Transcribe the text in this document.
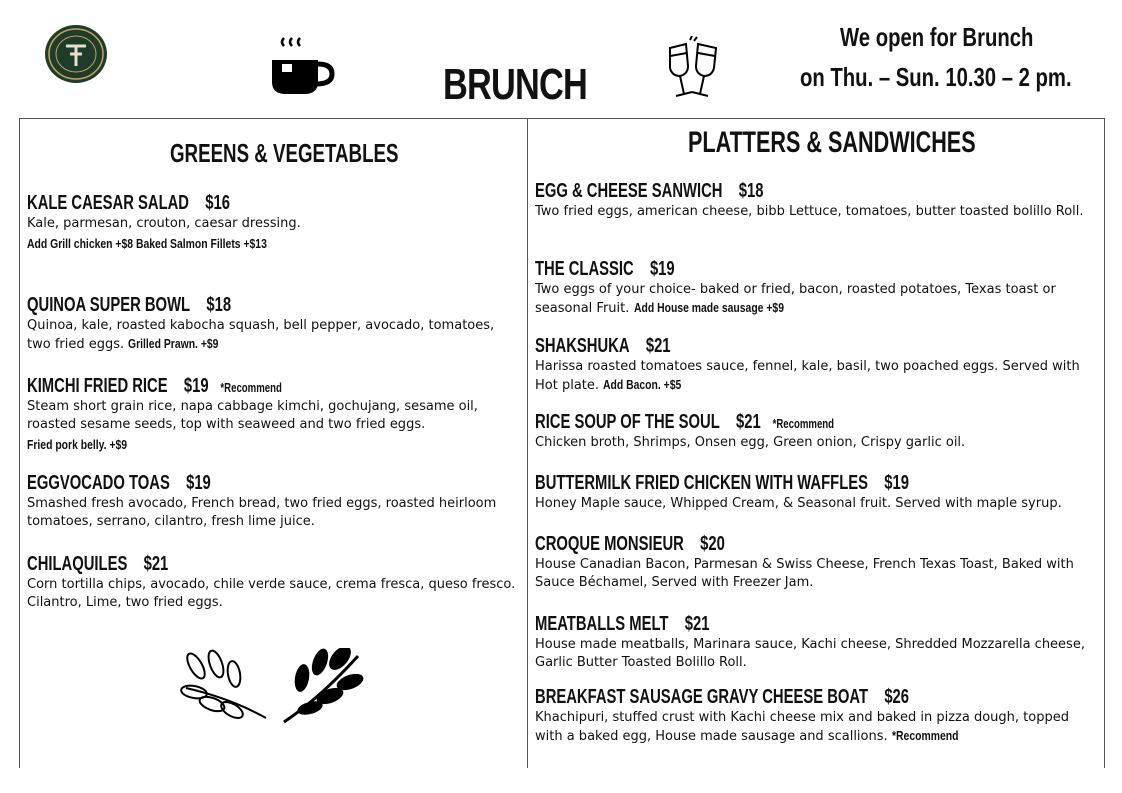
BRUNCH
We open for Brunch
on Thu. – Sun. 10.30 – 2 pm.
GREENS & VEGETABLES
KALE CAESAR SALAD $16
Kale, parmesan, crouton, caesar dressing.
Add Grill chicken +$8 Baked Salmon Fillets +$13
QUINOA SUPER BOWL $18
Quinoa, kale, roasted kabocha squash, bell pepper, avocado, tomatoes, two fried eggs. Grilled Prawn. +$9
KIMCHI FRIED RICE $19 *Recommend
Steam short grain rice, napa cabbage kimchi, gochujang, sesame oil, roasted sesame seeds, top with seaweed and two fried eggs.
Fried pork belly. +$9
EGGVOCADO TOAS $19
Smashed fresh avocado, French bread, two fried eggs, roasted heirloom tomatoes, serrano, cilantro, fresh lime juice.
CHILAQUILES $21
Corn tortilla chips, avocado, chile verde sauce, crema fresca, queso fresco. Cilantro, Lime, two fried eggs.
PLATTERS & SANDWICHES
EGG & CHEESE SANWICH $18
Two fried eggs, american cheese, bibb Lettuce, tomatoes, butter toasted bolillo Roll.
THE CLASSIC $19
Two eggs of your choice- baked or fried, bacon, roasted potatoes, Texas toast or seasonal Fruit. Add House made sausage +$9
SHAKSHUKA $21
Harissa roasted tomatoes sauce, fennel, kale, basil, two poached eggs. Served with Hot plate. Add Bacon. +$5
RICE SOUP OF THE SOUL $21 *Recommend
Chicken broth, Shrimps, Onsen egg, Green onion, Crispy garlic oil.
BUTTERMILK FRIED CHICKEN WITH WAFFLES $19
Honey Maple sauce, Whipped Cream, & Seasonal fruit. Served with maple syrup.
CROQUE MONSIEUR $20
House Canadian Bacon, Parmesan & Swiss Cheese, French Texas Toast, Baked with Sauce Béchamel, Served with Freezer Jam.
MEATBALLS MELT $21
House made meatballs, Marinara sauce, Kachi cheese, Shredded Mozzarella cheese, Garlic Butter Toasted Bolillo Roll.
BREAKFAST SAUSAGE GRAVY CHEESE BOAT $26
Khachipuri, stuffed crust with Kachi cheese mix and baked in pizza dough, topped with a baked egg, House made sausage and scallions. *Recommend
